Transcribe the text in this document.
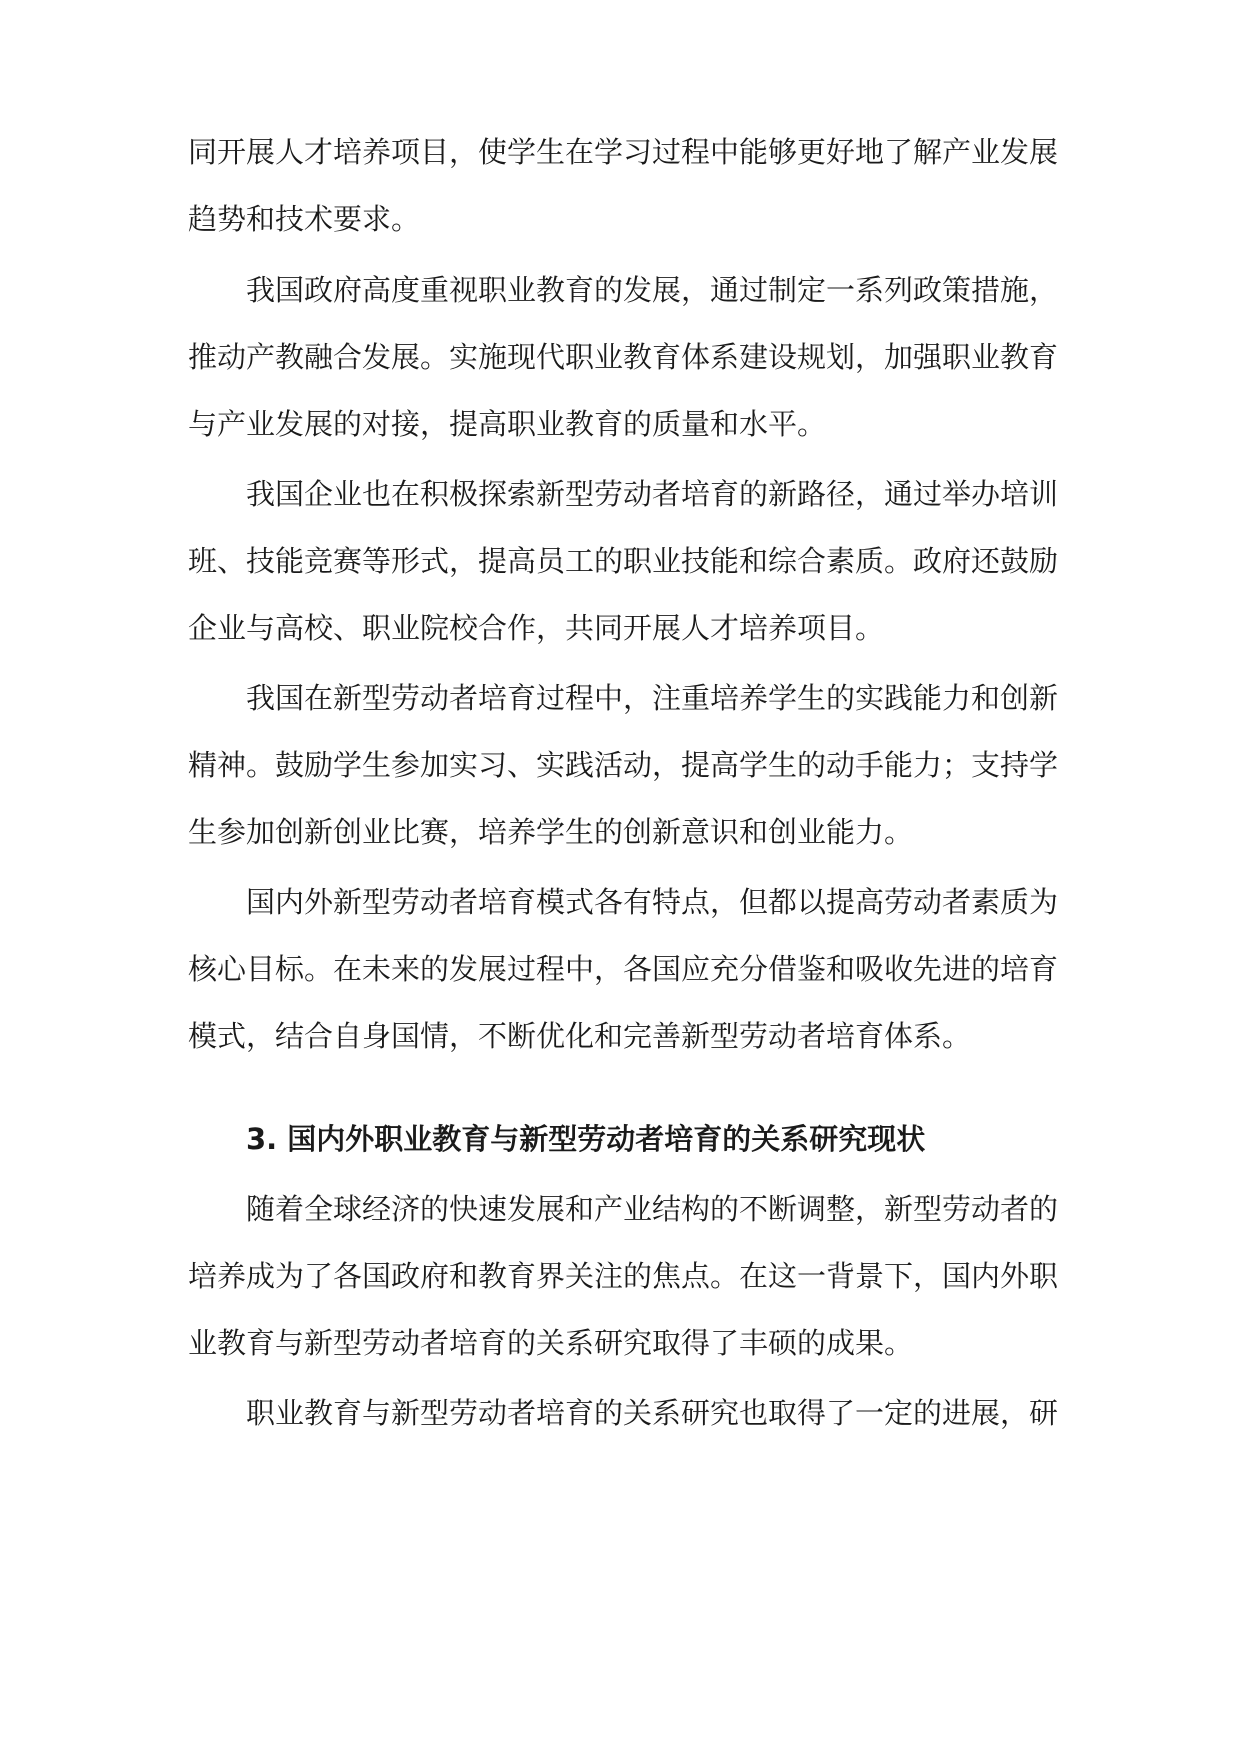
同开展人才培养项目，使学生在学习过程中能够更好地了解产业发展
趋势和技术要求。
我国政府高度重视职业教育的发展，通过制定一系列政策措施，
推动产教融合发展。实施现代职业教育体系建设规划，加强职业教育
与产业发展的对接，提高职业教育的质量和水平。
我国企业也在积极探索新型劳动者培育的新路径，通过举办培训
班、技能竞赛等形式，提高员工的职业技能和综合素质。政府还鼓励
企业与高校、职业院校合作，共同开展人才培养项目。
我国在新型劳动者培育过程中，注重培养学生的实践能力和创新
精神。鼓励学生参加实习、实践活动，提高学生的动手能力；支持学
生参加创新创业比赛，培养学生的创新意识和创业能力。
国内外新型劳动者培育模式各有特点，但都以提高劳动者素质为
核心目标。在未来的发展过程中，各国应充分借鉴和吸收先进的培育
模式，结合自身国情，不断优化和完善新型劳动者培育体系。
3. 国内外职业教育与新型劳动者培育的关系研究现状
随着全球经济的快速发展和产业结构的不断调整，新型劳动者的
培养成为了各国政府和教育界关注的焦点。在这一背景下，国内外职
业教育与新型劳动者培育的关系研究取得了丰硕的成果。
职业教育与新型劳动者培育的关系研究也取得了一定的进展，研
